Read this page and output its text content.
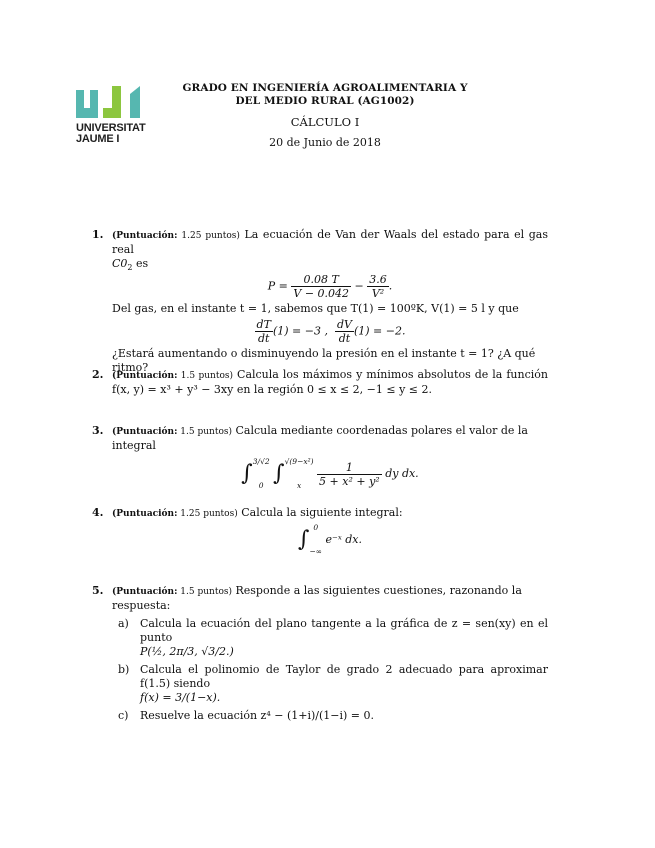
UNIVERSITAT
JAUME I
GRADO EN INGENIERÍA AGROALIMENTARIA Y
DEL MEDIO RURAL (AG1002)
CÁLCULO I
20 de Junio de 2018
1. (Puntuación: 1.25 puntos) La ecuación de Van der Waals del estado para el gas real
$C0_2$ es
$P = \frac{0.08 T}{V - 0.042} - \frac{3.6}{\text{V²}}$ .
Del gas, en el instante t = 1, sabemos que T(1) = 100ºK, V(1) = 5 l y que
$\frac{dT}{dt} (1) = -3$ , $\frac{dV}{dt} (1) = -2$.
¿Estará aumentando o disminuyendo la presión en el instante t = 1? ¿A qué ritmo?
2. (Puntuación: 1.5 puntos) Calcula los máximos y mínimos absolutos de la función f(x, y) = x³ + y³ − 3xy en la región 0 ≤ x ≤ 2, −1 ≤ y ≤ 2.
3. (Puntuación: 1.5 puntos) Calcula mediante coordenadas polares el valor de la integral
∫ 3/√2
0 ∫ √(9−x²)
x
	$\frac{1}{\text{5 + x² + y²}}$ dy dx.
4. (Puntuación: 1.25 puntos) Calcula la siguiente integral:
∫ 0
−∞
e⁻ˣ dx.
5. (Puntuación: 1.5 puntos) Responde a las siguientes cuestiones, razonando la respuesta:
a)	Calcula la ecuación del plano tangente a la gráfica de z = sen(xy) en el punto
P(½, 2π/3, √3/2.)
b) Calcula el polinomio de Taylor de grado 2 adecuado para aproximar f(1.5) siendo
f(x) = 3/(1−x).
c)	Resuelve la ecuación z⁴ − (1+i)/(1−i) = 0.
